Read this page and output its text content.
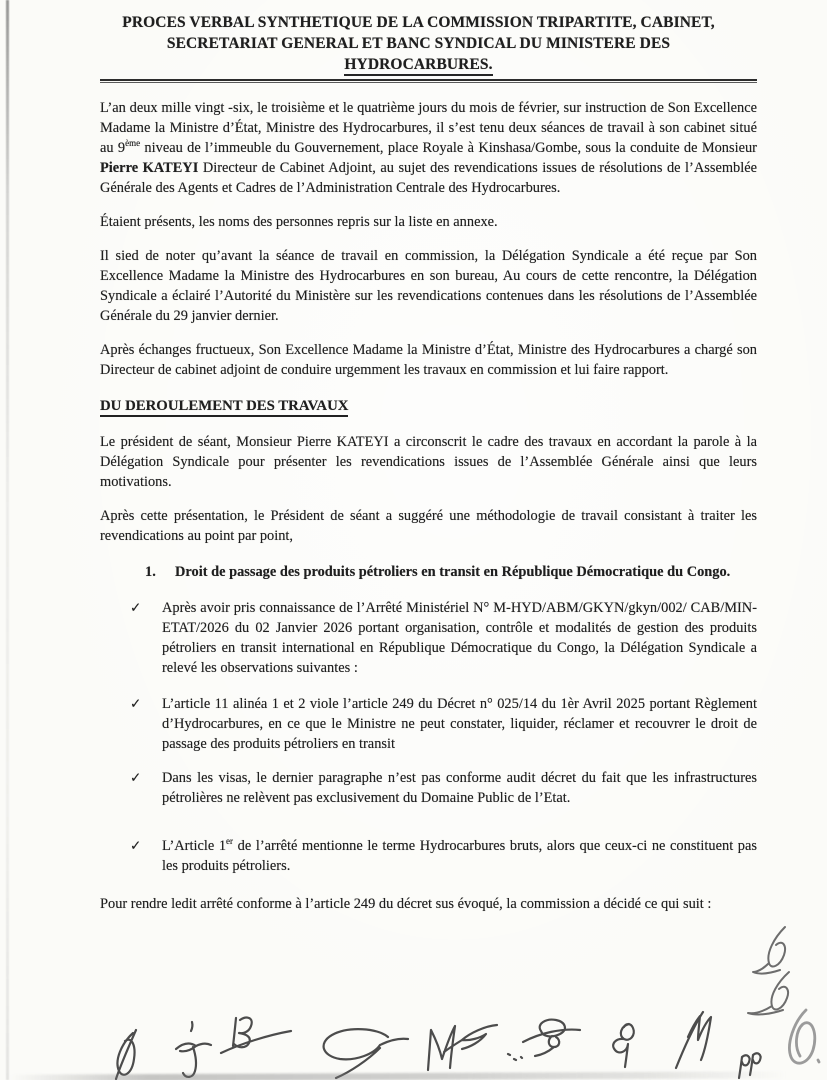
PROCES VERBAL SYNTHETIQUE DE LA COMMISSION TRIPARTITE, CABINET,
SECRETARIAT GENERAL ET BANC SYNDICAL DU MINISTERE DES
HYDROCARBURES.

L’an deux mille vingt -six, le troisième et le quatrième jours du mois de février, sur instruction de Son Excellence Madame la Ministre d’État, Ministre des Hydrocarbures, il s’est tenu deux séances de travail à son cabinet situé au 9ème niveau de l’immeuble du Gouvernement, place Royale à Kinshasa/Gombe, sous la conduite de Monsieur Pierre KATEYI Directeur de Cabinet Adjoint, au sujet des revendications issues de résolutions de l’Assemblée Générale des Agents et Cadres de l’Administration Centrale des Hydrocarbures.

Étaient présents, les noms des personnes repris sur la liste en annexe.

Il sied de noter qu’avant la séance de travail en commission, la Délégation Syndicale a été reçue par Son Excellence Madame la Ministre des Hydrocarbures en son bureau, Au cours de cette rencontre, la Délégation Syndicale a éclairé l’Autorité du Ministère sur les revendications contenues dans les résolutions de l’Assemblée Générale du 29 janvier dernier.

Après échanges fructueux, Son Excellence Madame la Ministre d’État, Ministre des Hydrocarbures a chargé son Directeur de cabinet adjoint de conduire urgemment les travaux en commission et lui faire rapport.

DU DEROULEMENT DES TRAVAUX

Le président de séant, Monsieur Pierre KATEYI a circonscrit le cadre des travaux en accordant la parole à la Délégation Syndicale pour présenter les revendications issues de l’Assemblée Générale ainsi que leurs motivations.

Après cette présentation, le Président de séant a suggéré une méthodologie de travail consistant à traiter les revendications au point par point,

1.	Droit de passage des produits pétroliers en transit en République Démocratique du Congo.
✓	Après avoir pris connaissance de l’Arrêté Ministériel N° M-HYD/ABM/GKYN/gkyn/002/ CAB/MIN-ETAT/2026 du 02 Janvier 2026 portant organisation, contrôle et modalités de gestion des produits pétroliers en transit international en République Démocratique du Congo, la Délégation Syndicale a relevé les observations suivantes :
✓	L’article 11 alinéa 1 et 2 viole l’article 249 du Décret n° 025/14 du 1èr Avril 2025 portant Règlement d’Hydrocarbures, en ce que le Ministre ne peut constater, liquider, réclamer et recouvrer le droit de passage des produits pétroliers en transit
✓	Dans les visas, le dernier paragraphe n’est pas conforme audit décret du fait que les infrastructures pétrolières ne relèvent pas exclusivement du Domaine Public de l’Etat.
✓	L’Article 1er de l’arrêté mentionne le terme Hydrocarbures bruts, alors que ceux-ci ne constituent pas les produits pétroliers.

Pour rendre ledit arrêté conforme à l’article 249 du décret sus évoqué, la commission a décidé ce qui suit :
